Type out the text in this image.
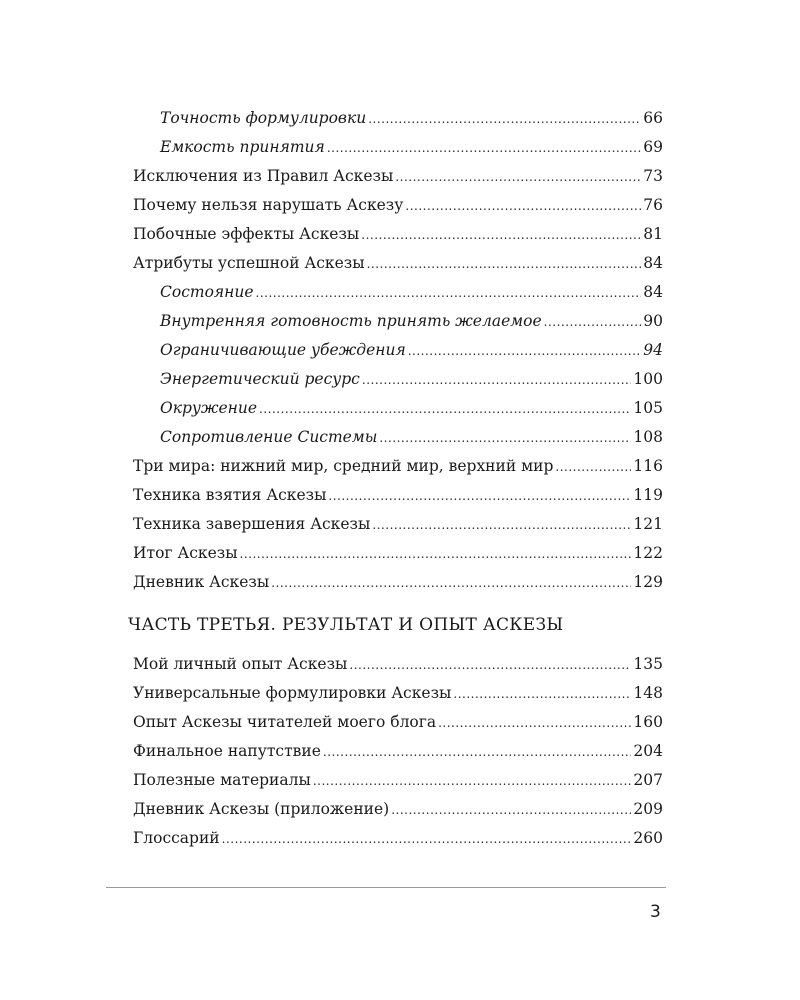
Точность формулировки .....	66
Емкость принятия .....	69
Исключения из Правил Аскезы .....	73
Почему нельзя нарушать Аскезу .....	76
Побочные эффекты Аскезы .....	81
Атрибуты успешной Аскезы .....	84
Состояние .....	84
Внутренняя готовность принять желаемое .....	90
Ограничивающие убеждения .....	94
Энергетический ресурс .....	100
Окружение .....	105
Сопротивление Системы .....	108
Три мира: нижний мир, средний мир, верхний мир .....	116
Техника взятия Аскезы .....	119
Техника завершения Аскезы .....	121
Итог Аскезы .....	122
Дневник Аскезы .....	129
ЧАСТЬ ТРЕТЬЯ. РЕЗУЛЬТАТ И ОПЫТ АСКЕЗЫ
Мой личный опыт Аскезы .....	135
Универсальные формулировки Аскезы .....	148
Опыт Аскезы читателей моего блога .....	160
Финальное напутствие .....	204
Полезные материалы .....	207
Дневник Аскезы (приложение) .....	209
Глоссарий .....	260
3
